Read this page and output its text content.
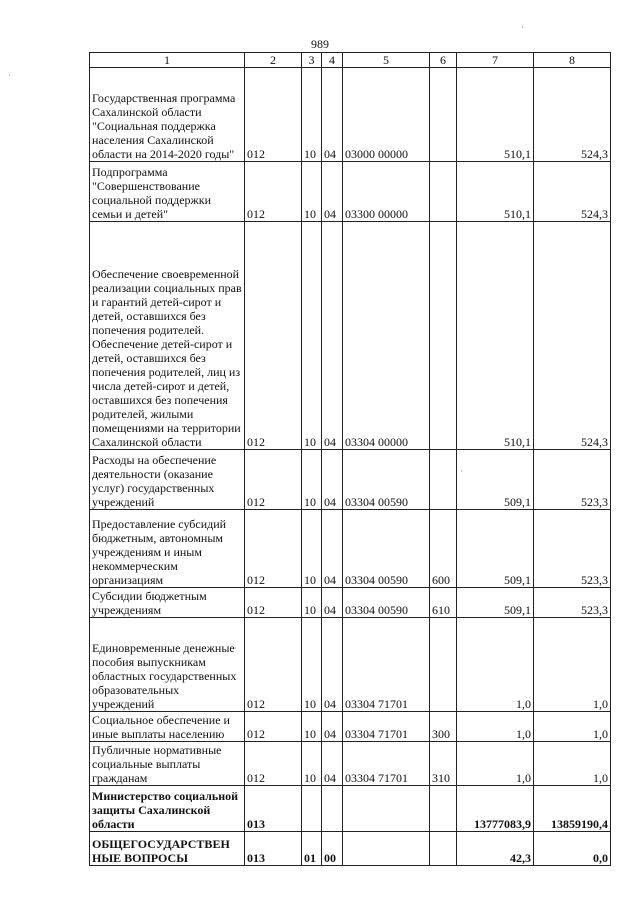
989
1	2	3	4	5	6	7	8
Государственная программа Сахалинской области "Социальная поддержка населения Сахалинской области на 2014-2020 годы"	012	10	04	03000 00000		510,1	524,3
Подпрограмма "Совершенствование социальной поддержки семьи и детей"	012	10	04	03300 00000		510,1	524,3
Обеспечение своевременной реализации социальных прав и гарантий детей-сирот и детей, оставшихся без попечения родителей. Обеспечение детей-сирот и детей, оставшихся без попечения родителей, лиц из числа детей-сирот и детей, оставшихся без попечения родителей, жилыми помещениями на территории Сахалинской области	012	10	04	03304 00000		510,1	524,3
Расходы на обеспечение деятельности (оказание услуг) государственных учреждений	012	10	04	03304 00590		509,1	523,3
Предоставление субсидий бюджетным, автономным учреждениям и иным некоммерческим организациям	012	10	04	03304 00590	600	509,1	523,3
Субсидии бюджетным учреждениям	012	10	04	03304 00590	610	509,1	523,3
Единовременные денежные пособия выпускникам областных государственных образовательных учреждений	012	10	04	03304 71701		1,0	1,0
Социальное обеспечение и иные выплаты населению	012	10	04	03304 71701	300	1,0	1,0
Публичные нормативные социальные выплаты гражданам	012	10	04	03304 71701	310	1,0	1,0
Министерство социальной защиты Сахалинской области	013					13777083,9	13859190,4
ОБЩЕГОСУДАРСТВЕН НЫЕ ВОПРОСЫ	013	01	00			42,3	0,0
·
·
·
·
